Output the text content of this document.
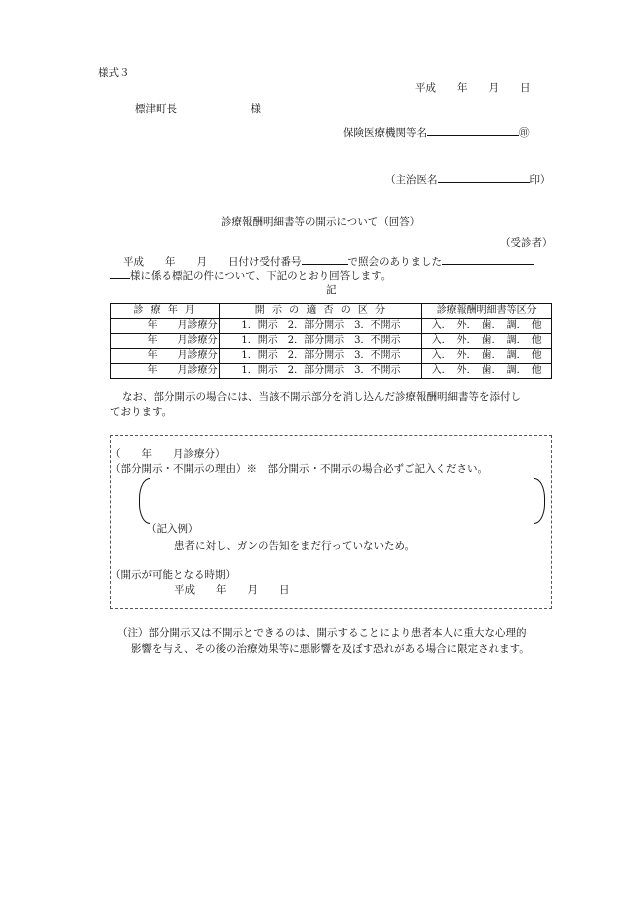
様式３
平成　　年　　月　　日
標津町長　　　　　　　様
保険医療機関等名	㊞
（主治医名	印）
診療報酬明細書等の開示について（回答）
（受診者）
平成　　年　　月　　日付け受付番号	で照会のありました
様に係る標記の件について、下記のとおり回答します。
記
診 療 年 月	開 示 の 適 否 の 区 分	診療報酬明細書等区分
年　　月診療分	1．開示　2．部分開示　3．不開示	入．　外．　歯．　調．　他
年　　月診療分	1．開示　2．部分開示　3．不開示	入．　外．　歯．　調．　他
年　　月診療分	1．開示　2．部分開示　3．不開示	入．　外．　歯．　調．　他
年　　月診療分	1．開示　2．部分開示　3．不開示	入．　外．　歯．　調．　他
なお、部分開示の場合には、当該不開示部分を消し込んだ診療報酬明細書等を添付し
ております。
（　　年　　月診療分）
（部分開示・不開示の理由）※　部分開示・不開示の場合必ずご記入ください。
（記入例）
患者に対し、ガンの告知をまだ行っていないため。
（開示が可能となる時期）
平成　　年　　月　　日
（注）部分開示又は不開示とできるのは、開示することにより患者本人に重大な心理的
影響を与え、その後の治療効果等に悪影響を及ぼす恐れがある場合に限定されます。
